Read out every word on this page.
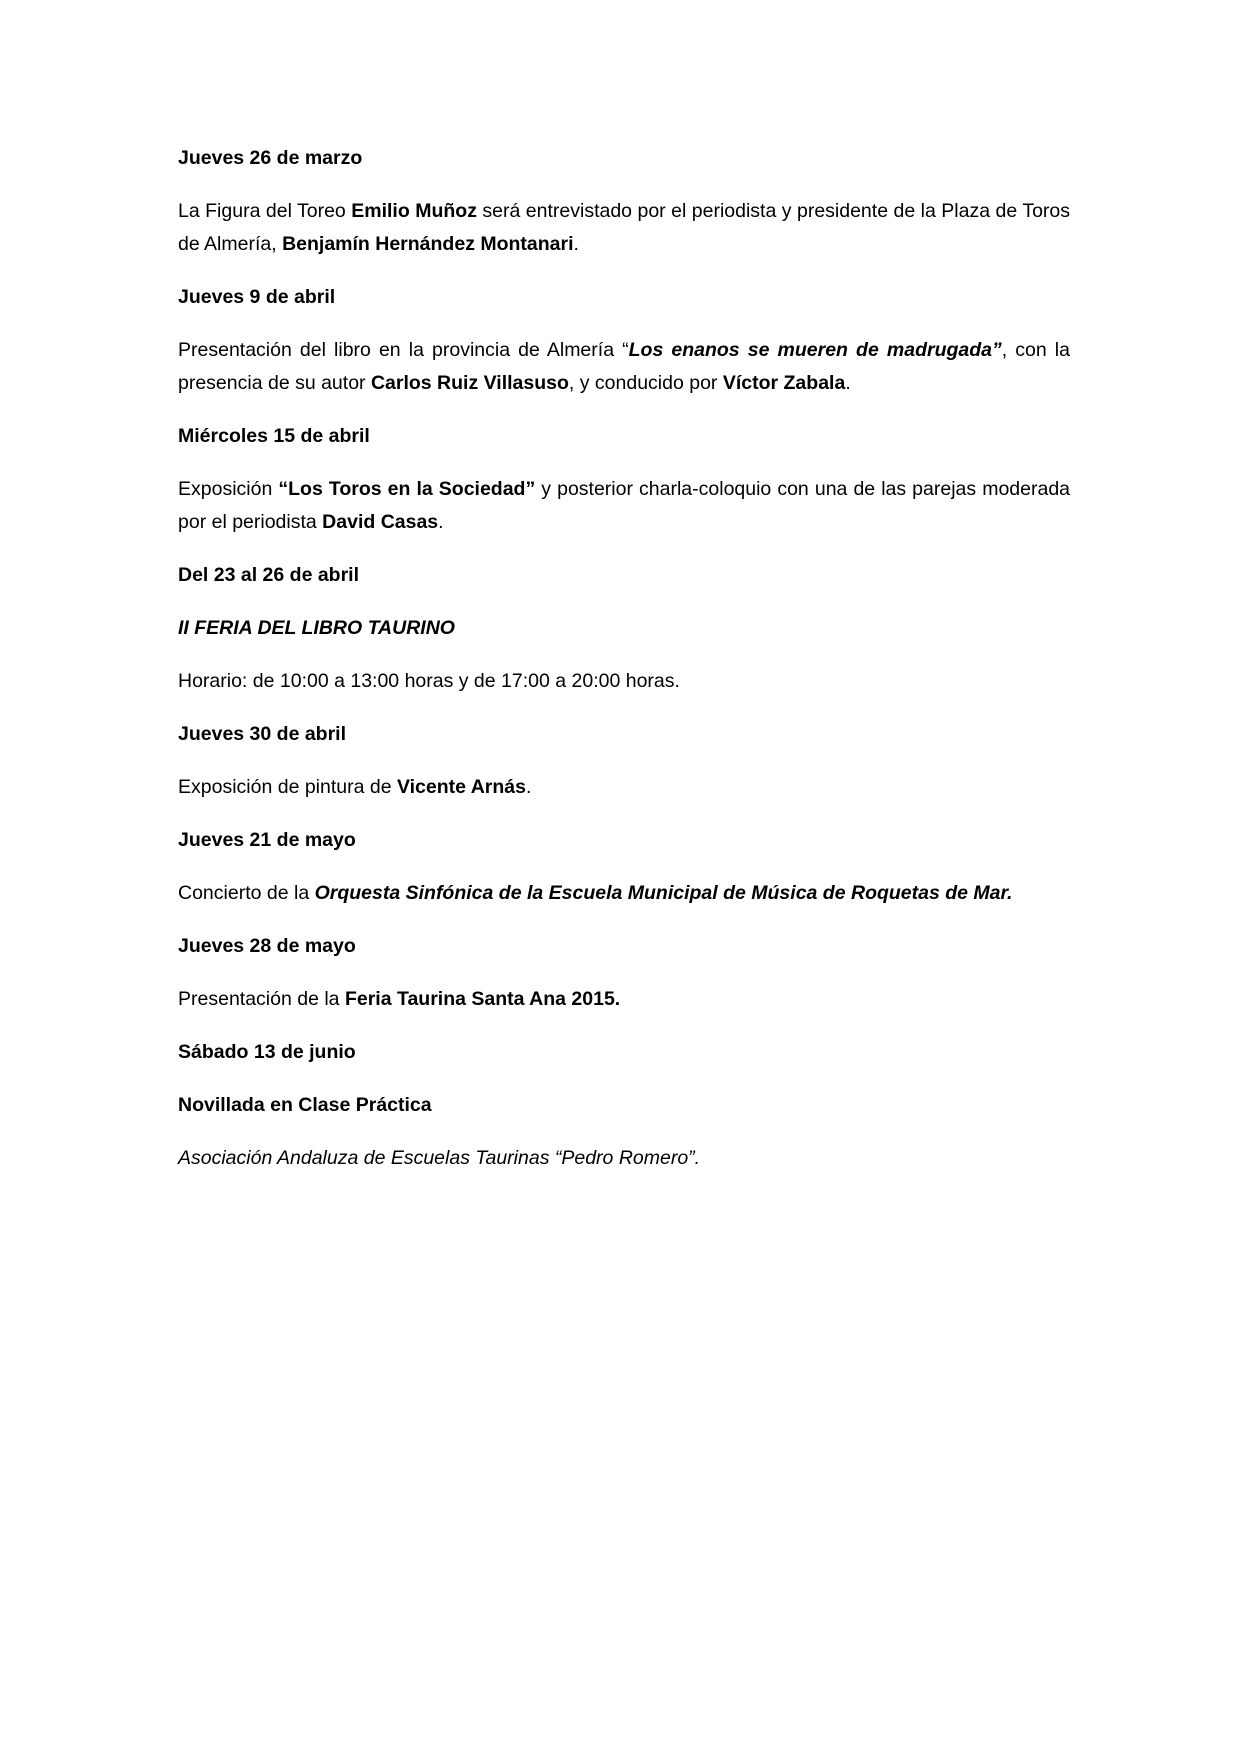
Jueves 26 de marzo

La Figura del Toreo Emilio Muñoz será entrevistado por el periodista y presidente de la Plaza de Toros de Almería, Benjamín Hernández Montanari.

Jueves 9 de abril

Presentación del libro en la provincia de Almería “Los enanos se mueren de madrugada”, con la presencia de su autor Carlos Ruiz Villasuso, y conducido por Víctor Zabala.

Miércoles 15 de abril

Exposición “Los Toros en la Sociedad” y posterior charla-coloquio con una de las parejas moderada por el periodista David Casas.

Del 23 al 26 de abril

II FERIA DEL LIBRO TAURINO

Horario: de 10:00 a 13:00 horas y de 17:00 a 20:00 horas.

Jueves 30 de abril

Exposición de pintura de Vicente Arnás.

Jueves 21 de mayo

Concierto de la Orquesta Sinfónica de la Escuela Municipal de Música de Roquetas de Mar.

Jueves 28 de mayo

Presentación de la Feria Taurina Santa Ana 2015.

Sábado 13 de junio

Novillada en Clase Práctica

Asociación Andaluza de Escuelas Taurinas “Pedro Romero”.
